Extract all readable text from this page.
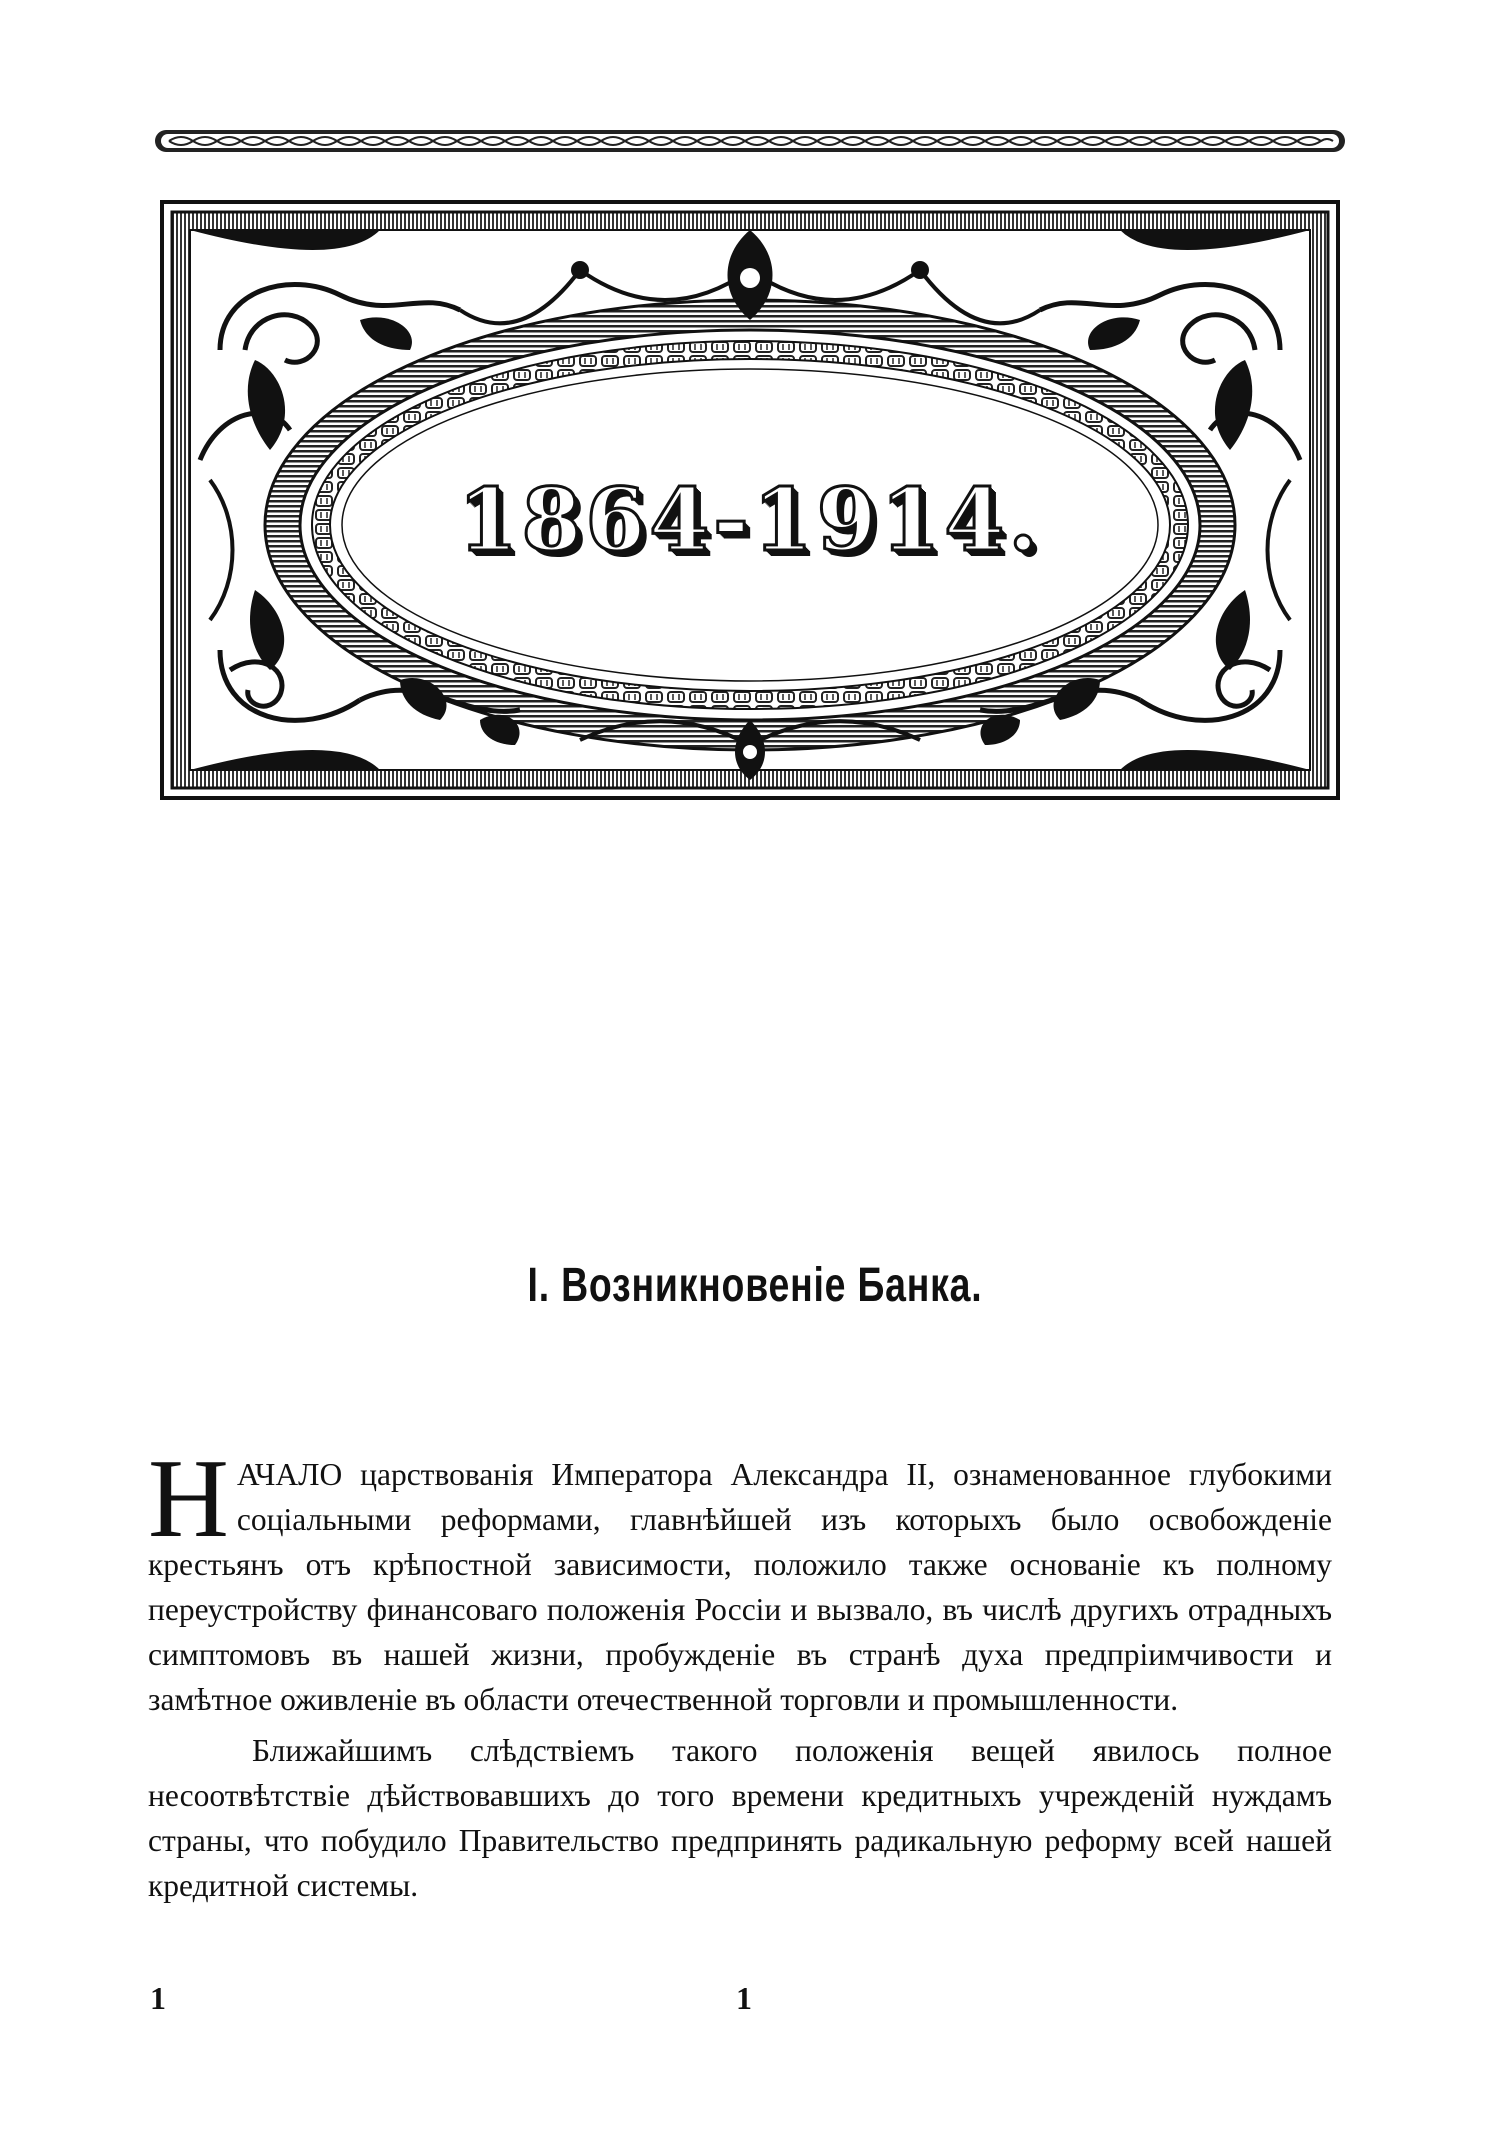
1864-1914.
I. Возникновеніе Банка.

НАЧАЛО царствованія Императора Александра II, ознаменованное глубокими соціальными реформами, главнѣйшей изъ которыхъ было освобожденіе крестьянъ отъ крѣпостной зависимости, положило также основаніе къ полному переустройству финансоваго положенія Россіи и вызвало, въ числѣ другихъ отрадныхъ симптомовъ въ нашей жизни, пробужденіе въ странѣ духа предпріимчивости и замѣтное оживленіе въ области отечественной торговли и промышленности.

Ближайшимъ слѣдствіемъ такого положенія вещей явилось полное несоотвѣтствіе дѣйствовавшихъ до того времени кредитныхъ учрежденій нуждамъ страны, что побудило Правительство предпринять радикальную реформу всей нашей кредитной системы.

1	1
